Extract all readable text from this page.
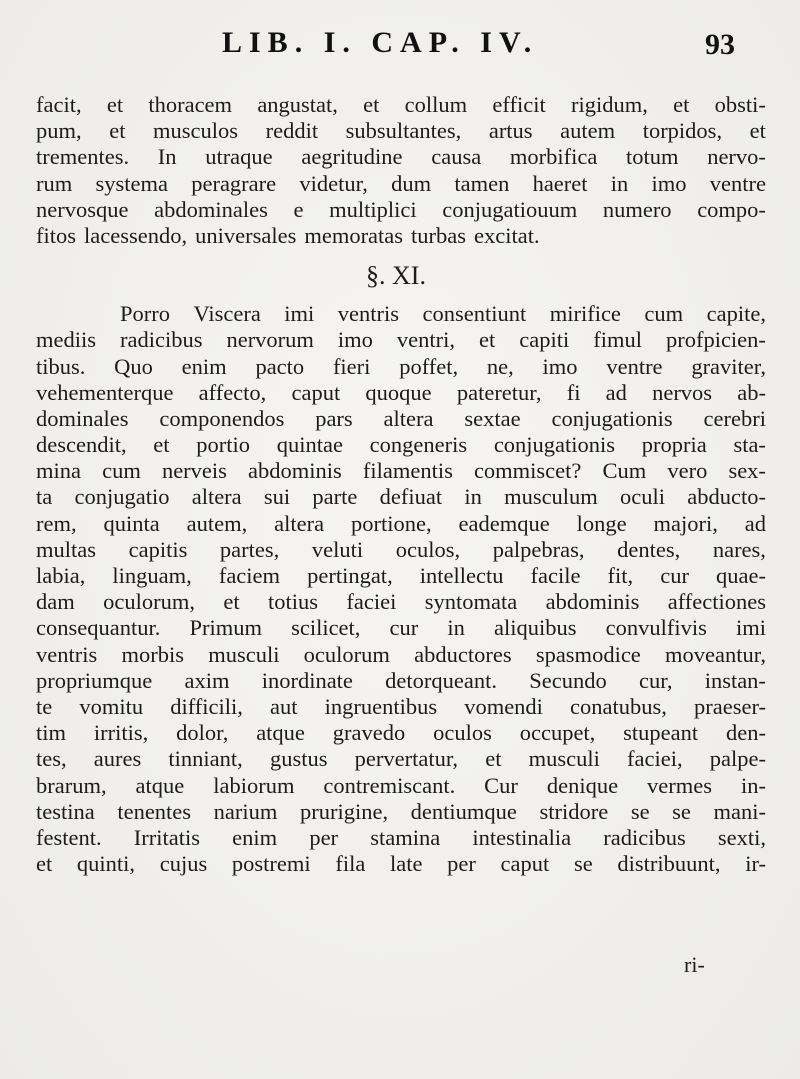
LIB. I. CAP. IV.	93
facit, et thoracem angustat, et collum efficit rigidum, et obsti-
pum, et musculos reddit subsultantes, artus autem torpidos, et
trementes. In utraque aegritudine causa morbifica totum nervo-
rum systema peragrare videtur, dum tamen haeret in imo ventre
nervosque abdominales e multiplici conjugatiouum numero compo-
fitos lacessendo, universales memoratas turbas excitat.
§. XI.
Porro Viscera imi ventris consentiunt mirifice cum capite,
mediis radicibus nervorum imo ventri, et capiti fimul profpicien-
tibus. Quo enim pacto fieri poffet, ne, imo ventre graviter,
vehementerque affecto, caput quoque pateretur, fi ad nervos ab-
dominales componendos pars altera sextae conjugationis cerebri
descendit, et portio quintae congeneris conjugationis propria sta-
mina cum nerveis abdominis filamentis commiscet? Cum vero sex-
ta conjugatio altera sui parte defiuat in musculum oculi abducto-
rem, quinta autem, altera portione, eademque longe majori, ad
multas capitis partes, veluti oculos, palpebras, dentes, nares,
labia, linguam, faciem pertingat, intellectu facile fit, cur quae-
dam oculorum, et totius faciei syntomata abdominis affectiones
consequantur. Primum scilicet, cur in aliquibus convulfivis imi
ventris morbis musculi oculorum abductores spasmodice moveantur,
propriumque axim inordinate detorqueant. Secundo cur, instan-
te vomitu difficili, aut ingruentibus vomendi conatubus, praeser-
tim irritis, dolor, atque gravedo oculos occupet, stupeant den-
tes, aures tinniant, gustus pervertatur, et musculi faciei, palpe-
brarum, atque labiorum contremiscant. Cur denique vermes in-
testina tenentes narium prurigine, dentiumque stridore se se mani-
festent. Irritatis enim per stamina intestinalia radicibus sexti,
et quinti, cujus postremi fila late per caput se distribuunt, ir-
ri-
